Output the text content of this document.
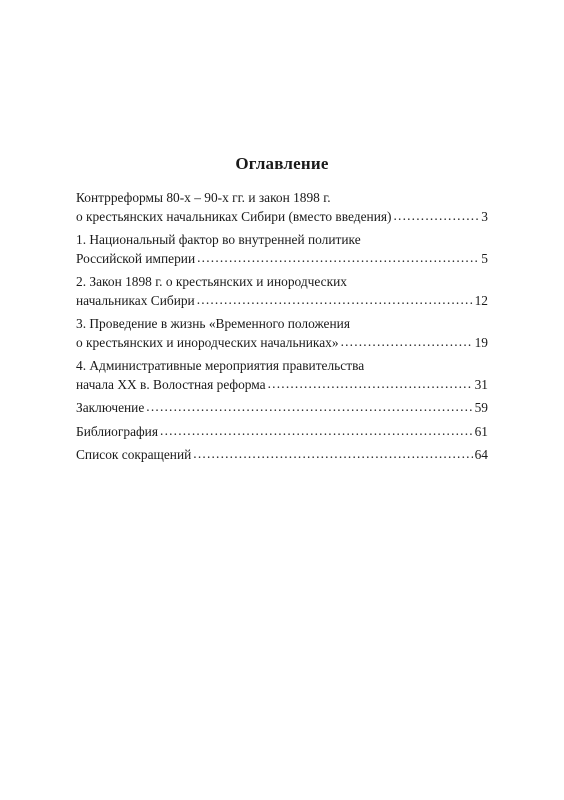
Оглавление
Контрреформы 80-х – 90-х гг. и закон 1898 г.
о крестьянских начальниках Сибири (вместо введения) .....	3
1. Национальный фактор во внутренней политике
Российской империи .....	5
2. Закон 1898 г. о крестьянских и инородческих
начальниках Сибири .....	12
3. Проведение в жизнь «Временного положения
о крестьянских и инородческих начальниках» .....	19
4. Административные мероприятия правительства
начала XX в. Волостная реформа .....	31
Заключение .....	59
Библиография .....	61
Список сокращений .....	64
